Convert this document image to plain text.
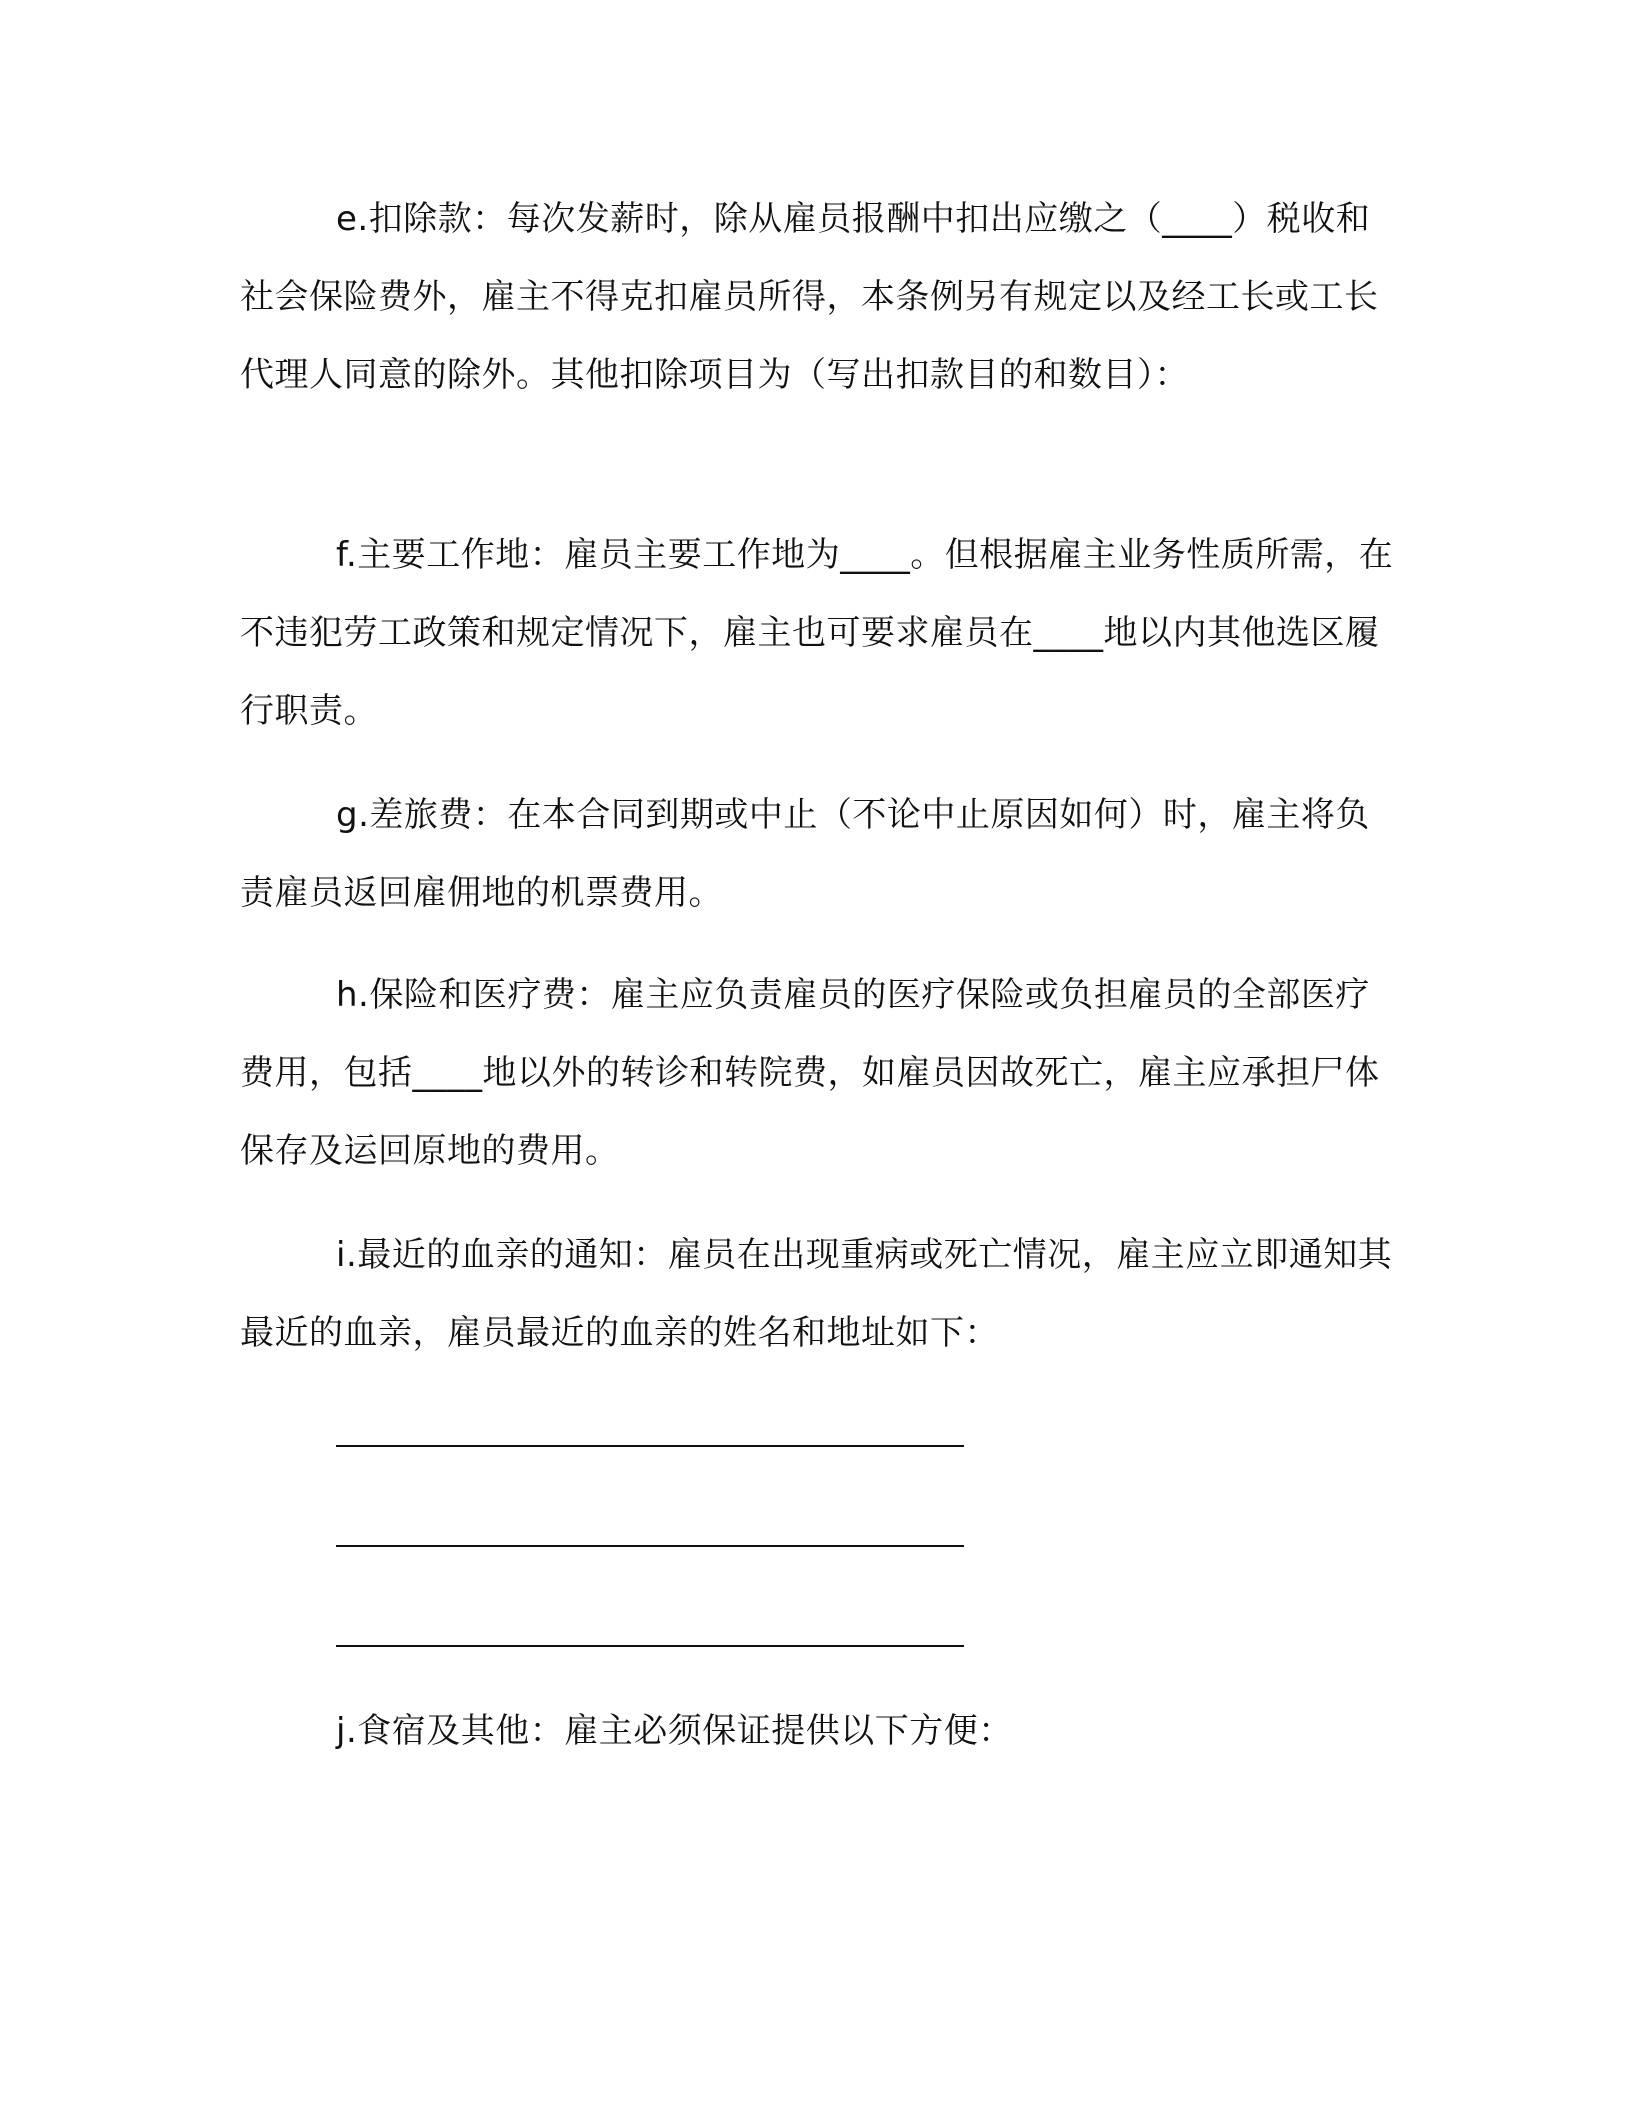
e.扣除款：每次发薪时，除从雇员报酬中扣出应缴之（____）税收和社会保险费外，雇主不得克扣雇员所得，本条例另有规定以及经工长或工长代理人同意的除外。其他扣除项目为（写出扣款目的和数目）：

f.主要工作地：雇员主要工作地为____。但根据雇主业务性质所需，在不违犯劳工政策和规定情况下，雇主也可要求雇员在____地以内其他选区履行职责。

g.差旅费：在本合同到期或中止（不论中止原因如何）时，雇主将负责雇员返回雇佣地的机票费用。

h.保险和医疗费：雇主应负责雇员的医疗保险或负担雇员的全部医疗费用，包括____地以外的转诊和转院费，如雇员因故死亡，雇主应承担尸体保存及运回原地的费用。

i.最近的血亲的通知：雇员在出现重病或死亡情况，雇主应立即通知其最近的血亲，雇员最近的血亲的姓名和地址如下：

j.食宿及其他：雇主必须保证提供以下方便：
